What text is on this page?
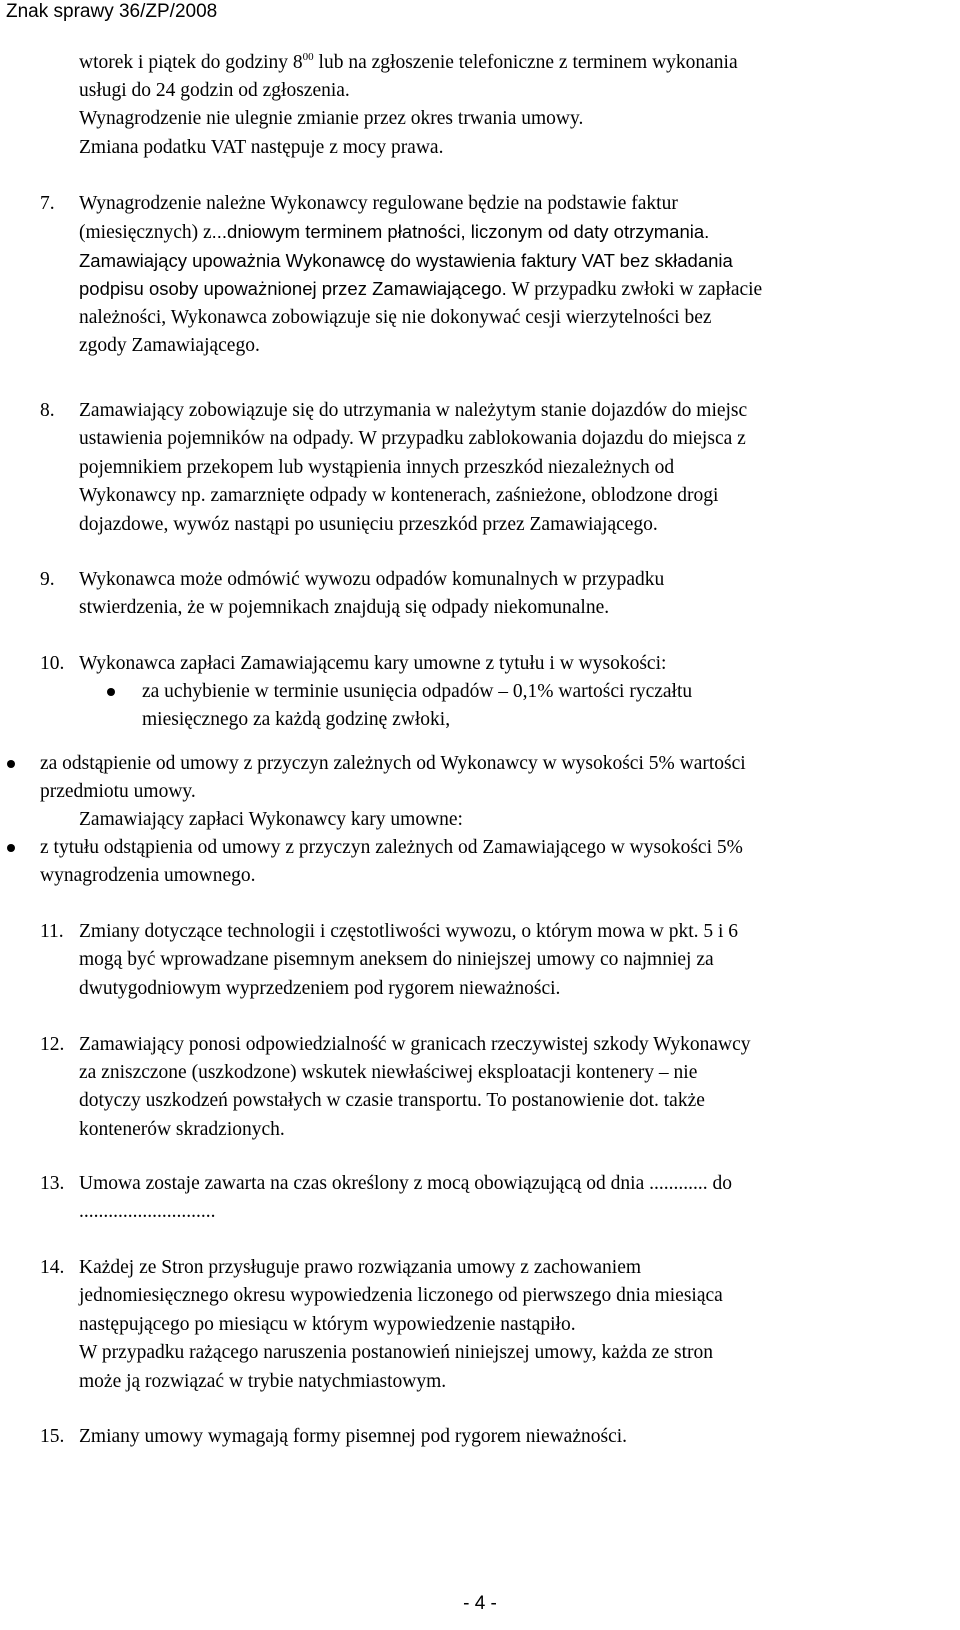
Znak sprawy 36/ZP/2008
wtorek i piątek do godziny $8^{00}$ lub na zgłoszenie telefoniczne z terminem wykonania
usługi do 24 godzin od zgłoszenia.
Wynagrodzenie nie ulegnie zmianie przez okres trwania umowy.
Zmiana podatku VAT następuje z mocy prawa.
7. Wynagrodzenie należne Wykonawcy regulowane będzie na podstawie faktur
(miesięcznych) z...dniowym terminem płatności, liczonym od daty otrzymania.
Zamawiający upoważnia Wykonawcę do wystawienia faktury VAT bez składania
podpisu osoby upoważnionej przez Zamawiającego. W przypadku zwłoki w zapłacie
należności, Wykonawca zobowiązuje się nie dokonywać cesji wierzytelności bez
zgody Zamawiającego.
8. Zamawiający zobowiązuje się do utrzymania w należytym stanie dojazdów do miejsc
ustawienia pojemników na odpady. W przypadku zablokowania dojazdu do miejsca z
pojemnikiem przekopem lub wystąpienia innych przeszkód niezależnych od
Wykonawcy np. zamarznięte odpady w kontenerach, zaśnieżone, oblodzone drogi
dojazdowe, wywóz nastąpi po usunięciu przeszkód przez Zamawiającego.
9. Wykonawca może odmówić wywozu odpadów komunalnych w przypadku
stwierdzenia, że w pojemnikach znajdują się odpady niekomunalne.
10. Wykonawca zapłaci Zamawiającemu kary umowne z tytułu i w wysokości:
za uchybienie w terminie usunięcia odpadów – 0,1% wartości ryczałtu
miesięcznego za każdą godzinę zwłoki,
za odstąpienie od umowy z przyczyn zależnych od Wykonawcy w wysokości 5% wartości
przedmiotu umowy.
Zamawiający zapłaci Wykonawcy kary umowne:
z tytułu odstąpienia od umowy z przyczyn zależnych od Zamawiającego w wysokości 5%
wynagrodzenia umownego.
11. Zmiany dotyczące technologii i częstotliwości wywozu, o którym mowa w pkt. 5 i 6
mogą być wprowadzane pisemnym aneksem do niniejszej umowy co najmniej za
dwutygodniowym wyprzedzeniem pod rygorem nieważności.
12. Zamawiający ponosi odpowiedzialność w granicach rzeczywistej szkody Wykonawcy
za zniszczone (uszkodzone) wskutek niewłaściwej eksploatacji kontenery – nie
dotyczy uszkodzeń powstałych w czasie transportu. To postanowienie dot. także
kontenerów skradzionych.
13. Umowa zostaje zawarta na czas określony z mocą obowiązującą od dnia ............ do
............................
14. Każdej ze Stron przysługuje prawo rozwiązania umowy z zachowaniem
jednomiesięcznego okresu wypowiedzenia liczonego od pierwszego dnia miesiąca
następującego po miesiącu w którym wypowiedzenie nastąpiło.
W przypadku rażącego naruszenia postanowień niniejszej umowy, każda ze stron
może ją rozwiązać w trybie natychmiastowym.
15. Zmiany umowy wymagają formy pisemnej pod rygorem nieważności.
- 4 -
